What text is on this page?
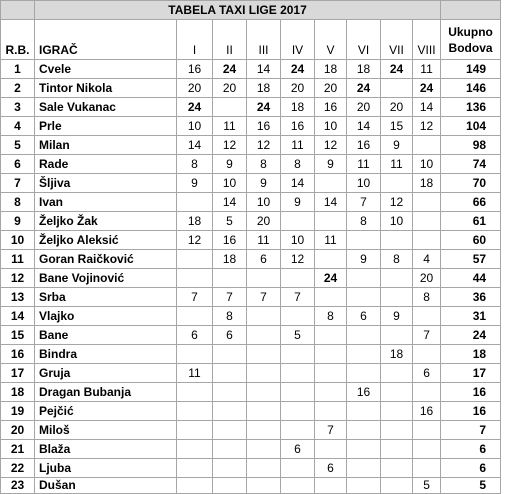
	TABELA TAXI LIGE 2017									
R.B.	IGRAČ	I	II	III	IV	V	VI	VII	VIII	Ukupno Bodova
1	Cvele	16	24	14	24	18	18	24	11	149
2	Tintor Nikola	20	20	18	20	20	24		24	146
3	Sale Vukanac	24		24	18	16	20	20	14	136
4	Prle	10	11	16	16	10	14	15	12	104
5	Milan	14	12	12	11	12	16	9		98
6	Rade	8	9	8	8	9	11	11	10	74
7	Šljiva	9	10	9	14		10		18	70
8	Ivan		14	10	9	14	7	12		66
9	Željko Žak	18	5	20			8	10		61
10	Željko Aleksić	12	16	11	10	11				60
11	Goran Raičković		18	6	12		9	8	4	57
12	Bane Vojinović					24			20	44
13	Srba	7	7	7	7				8	36
14	Vlajko		8			8	6	9		31
15	Bane	6	6		5				7	24
16	Bindra							18		18
17	Gruja	11							6	17
18	Dragan Bubanja						16			16
19	Pejčić								16	16
20	Miloš					7				7
21	Blaža				6					6
22	Ljuba					6				6
23	Dušan								5	5
